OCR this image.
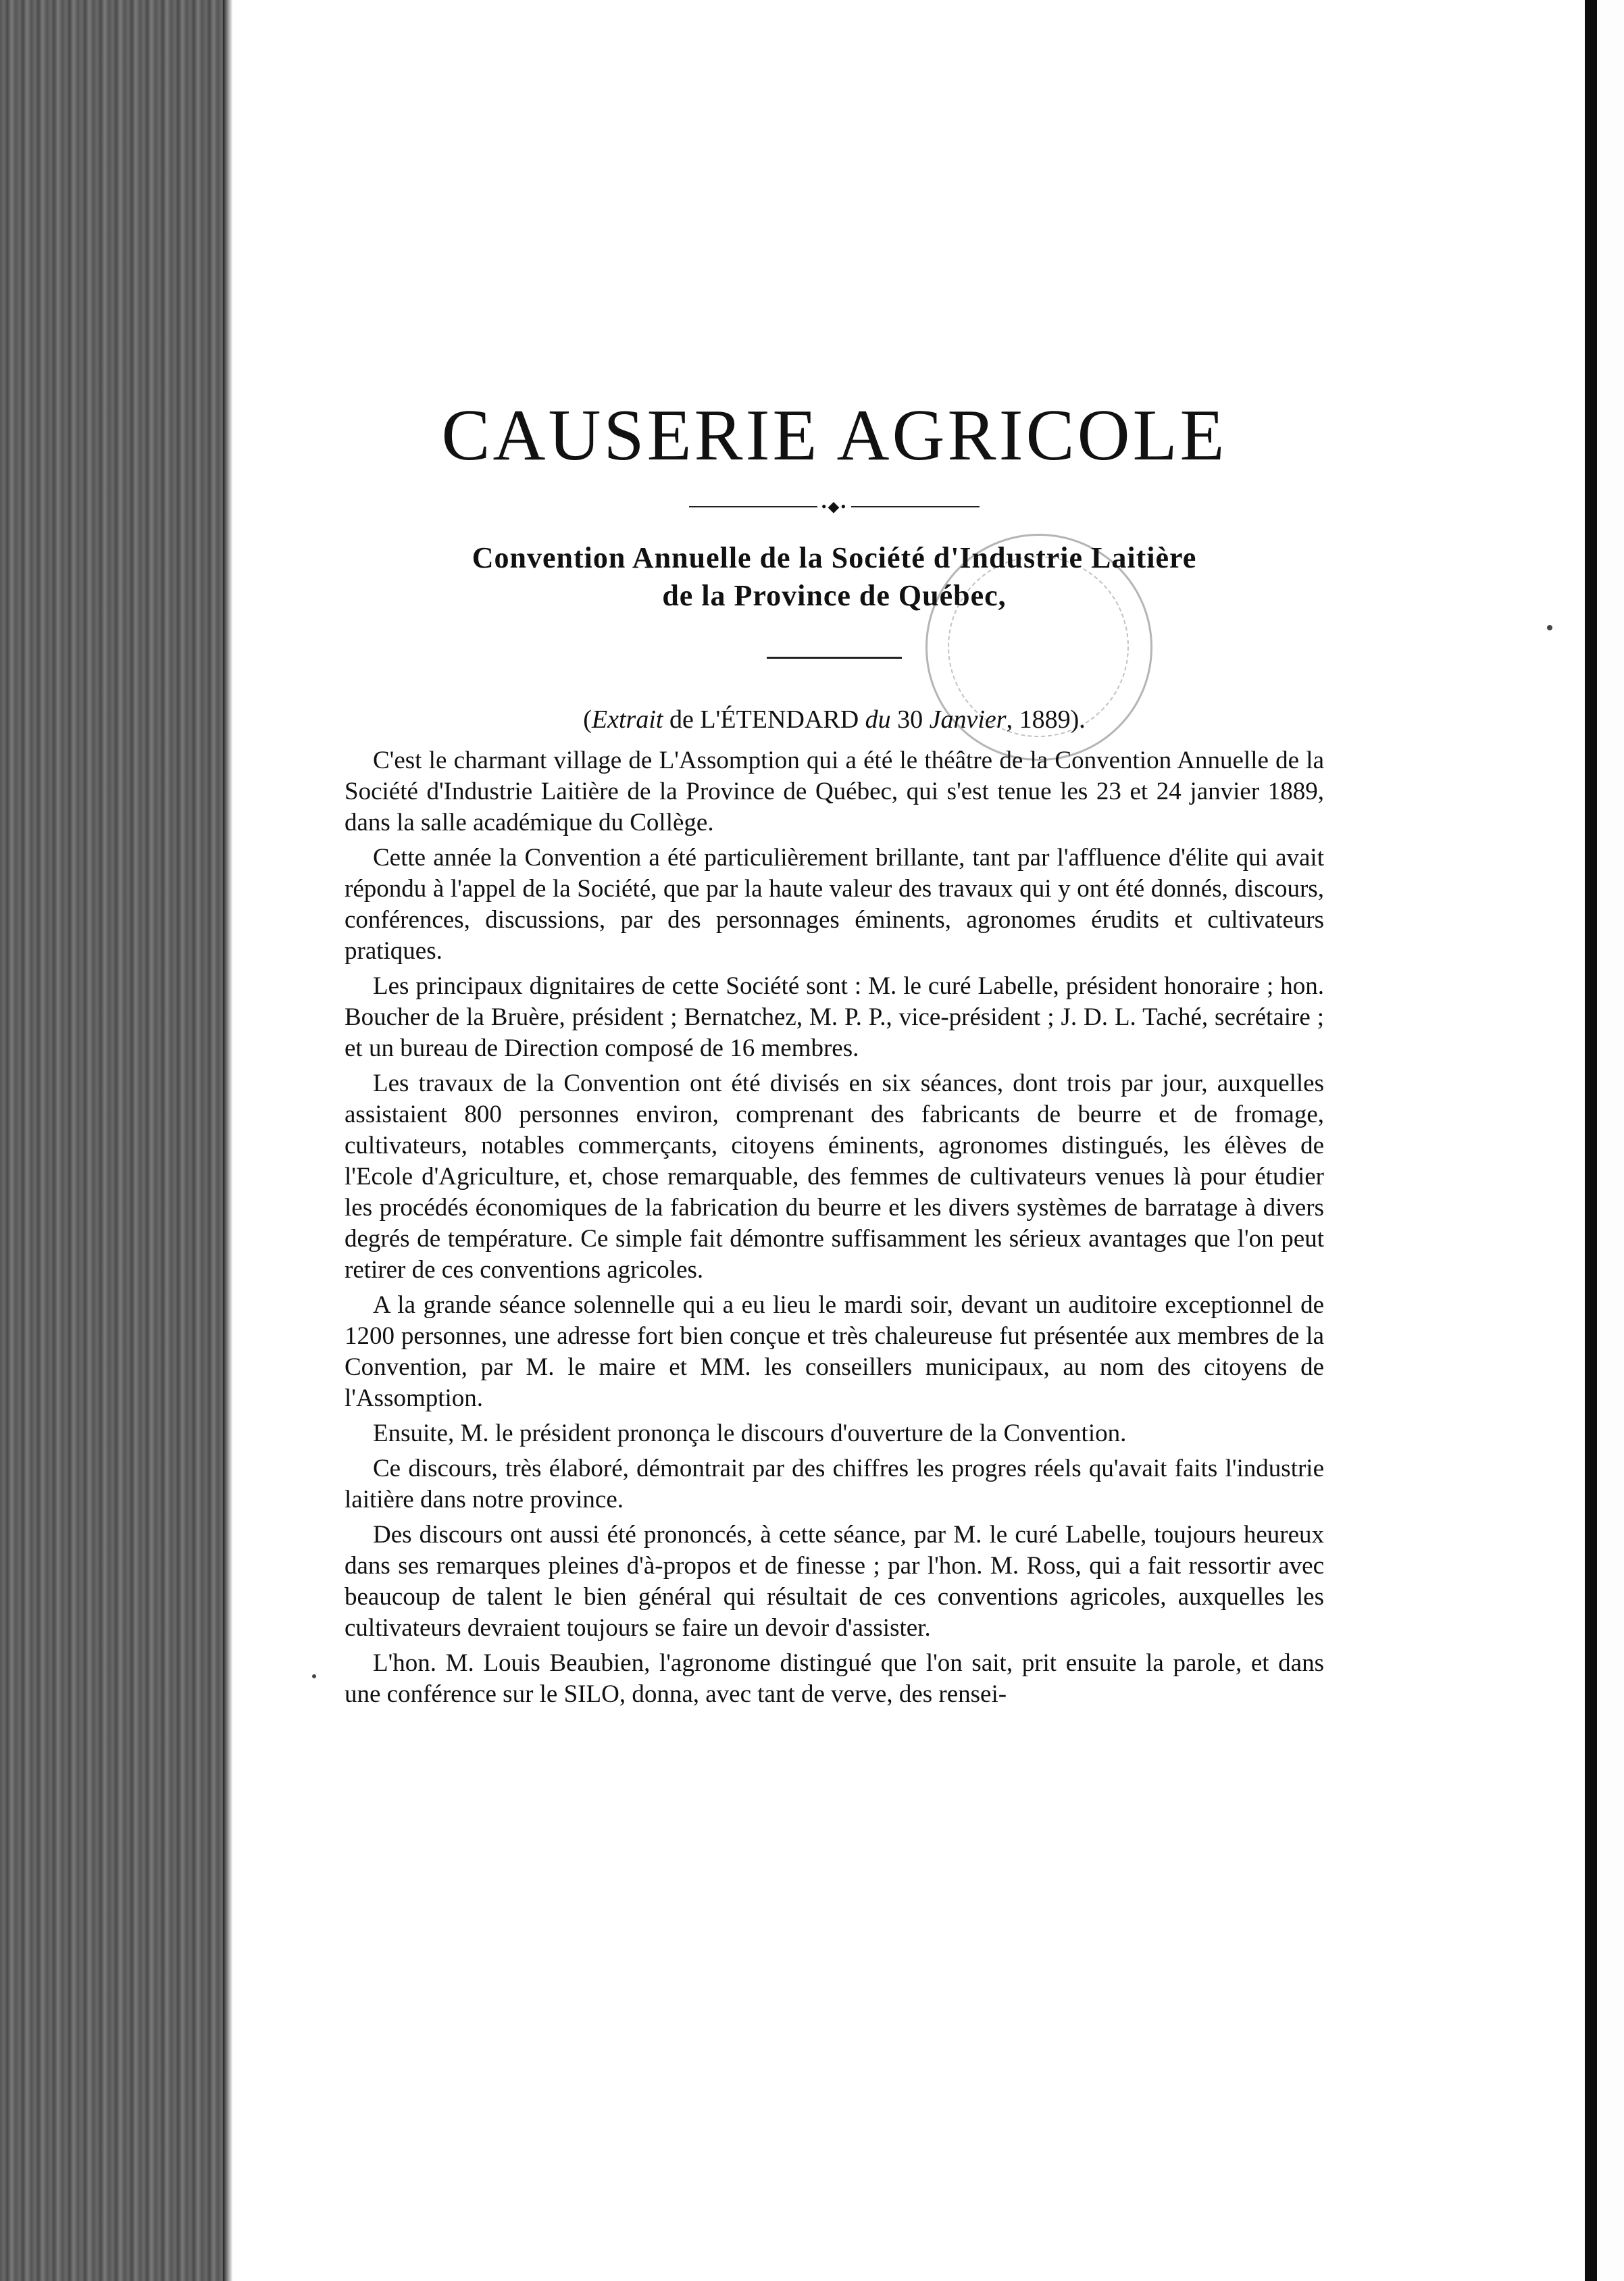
CAUSERIE AGRICOLE
•◆•

Convention Annuelle de la Société d'Industrie Laitière

de la Province de Québec,

(Extrait de L'ÉTENDARD du 30 Janvier, 1889).

C'est le charmant village de L'Assomption qui a été le théâtre de la Convention Annuelle de la Société d'Industrie Laitière de la Province de Québec, qui s'est tenue les 23 et 24 janvier 1889, dans la salle académique du Collège.

Cette année la Convention a été particulièrement brillante, tant par l'affluence d'élite qui avait répondu à l'appel de la Société, que par la haute valeur des travaux qui y ont été donnés, discours, conférences, discussions, par des personnages éminents, agronomes érudits et cultivateurs pratiques.

Les principaux dignitaires de cette Société sont : M. le curé Labelle, président honoraire ; hon. Boucher de la Bruère, président ; Bernatchez, M. P. P., vice-président ; J. D. L. Taché, secrétaire ; et un bureau de Direction composé de 16 membres.

Les travaux de la Convention ont été divisés en six séances, dont trois par jour, auxquelles assistaient 800 personnes environ, comprenant des fabricants de beurre et de fromage, cultivateurs, notables commerçants, citoyens éminents, agronomes distingués, les élèves de l'Ecole d'Agriculture, et, chose remarquable, des femmes de cultivateurs venues là pour étudier les procédés économiques de la fabrication du beurre et les divers systèmes de barratage à divers degrés de température. Ce simple fait démontre suffisamment les sérieux avantages que l'on peut retirer de ces conventions agricoles.

A la grande séance solennelle qui a eu lieu le mardi soir, devant un auditoire exceptionnel de 1200 personnes, une adresse fort bien conçue et très chaleureuse fut présentée aux membres de la Convention, par M. le maire et MM. les conseillers municipaux, au nom des citoyens de l'Assomption.

Ensuite, M. le président prononça le discours d'ouverture de la Convention.

Ce discours, très élaboré, démontrait par des chiffres les progres réels qu'avait faits l'industrie laitière dans notre province.

Des discours ont aussi été prononcés, à cette séance, par M. le curé Labelle, toujours heureux dans ses remarques pleines d'à-propos et de finesse ; par l'hon. M. Ross, qui a fait ressortir avec beaucoup de talent le bien général qui résultait de ces conventions agricoles, auxquelles les cultivateurs devraient toujours se faire un devoir d'assister.

L'hon. M. Louis Beaubien, l'agronome distingué que l'on sait, prit ensuite la parole, et dans une conférence sur le SILO, donna, avec tant de verve, des rensei-
